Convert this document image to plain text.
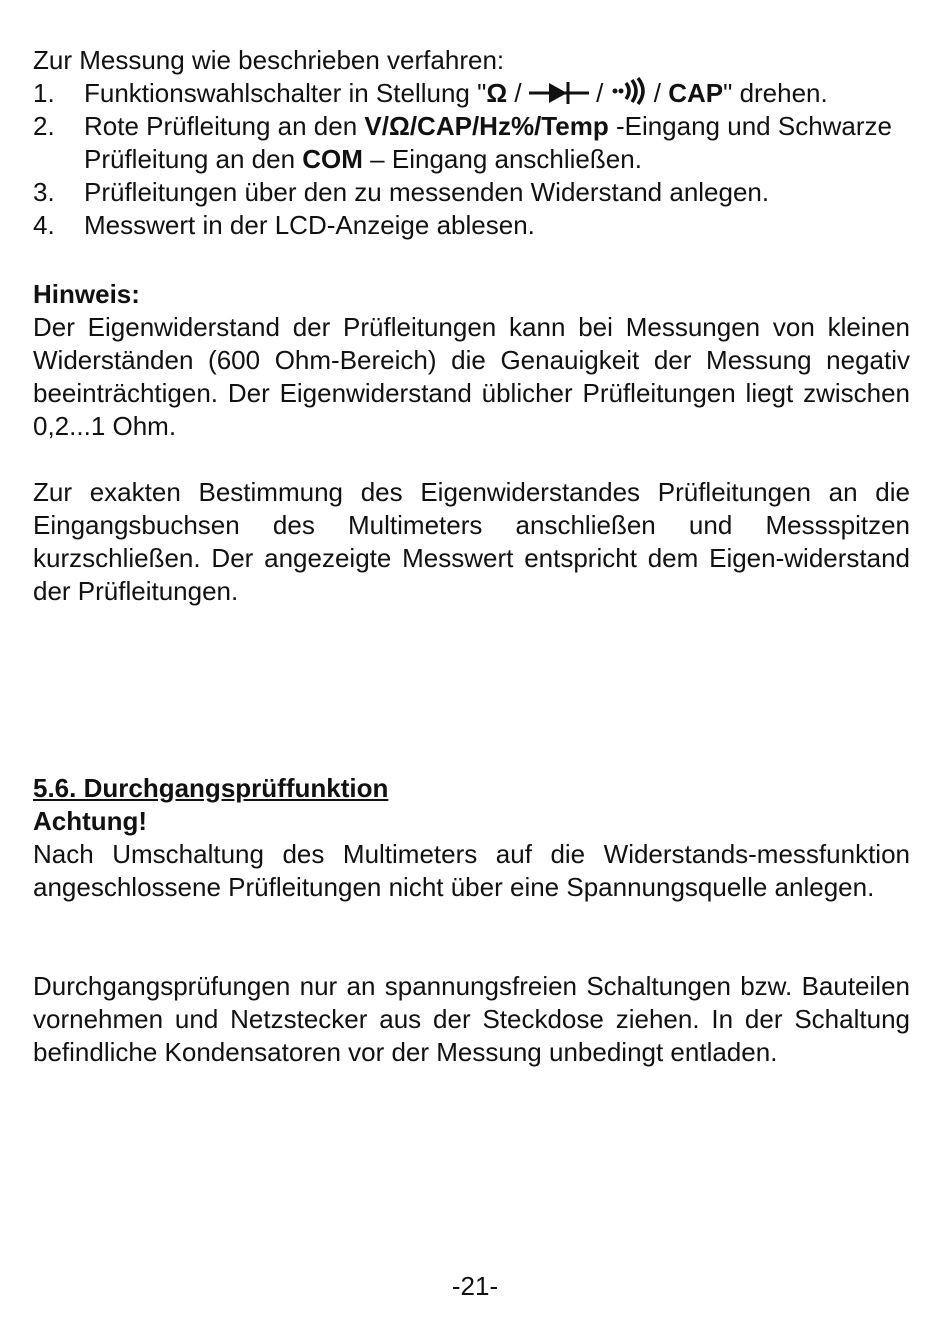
Zur Messung wie beschrieben verfahren:

1. Funktionswahlschalter in Stellung "Ω /  /  / CAP" drehen.
2. Rote Prüfleitung an den V/Ω/CAP/Hz%/Temp -Eingang und Schwarze Prüfleitung an den COM – Eingang anschließen.
3. Prüfleitungen über den zu messenden Widerstand anlegen.
4. Messwert in der LCD-Anzeige ablesen.

Hinweis:

Der Eigenwiderstand der Prüfleitungen kann bei Messungen von kleinen Widerständen (600 Ohm-Bereich) die Genauigkeit der Messung negativ beeinträchtigen. Der Eigenwiderstand üblicher Prüfleitungen liegt zwischen 0,2...1 Ohm.

Zur exakten Bestimmung des Eigenwiderstandes Prüfleitungen an die Eingangsbuchsen des Multimeters anschließen und Messspitzen kurzschließen. Der angezeigte Messwert entspricht dem Eigen-widerstand der Prüfleitungen.

5.6. Durchgangsprüffunktion

Achtung!

Nach Umschaltung des Multimeters auf die Widerstands-messfunktion angeschlossene Prüfleitungen nicht über eine Spannungsquelle anlegen.

Durchgangsprüfungen nur an spannungsfreien Schaltungen bzw. Bauteilen vornehmen und Netzstecker aus der Steckdose ziehen. In der Schaltung befindliche Kondensatoren vor der Messung unbedingt entladen.

-21-
